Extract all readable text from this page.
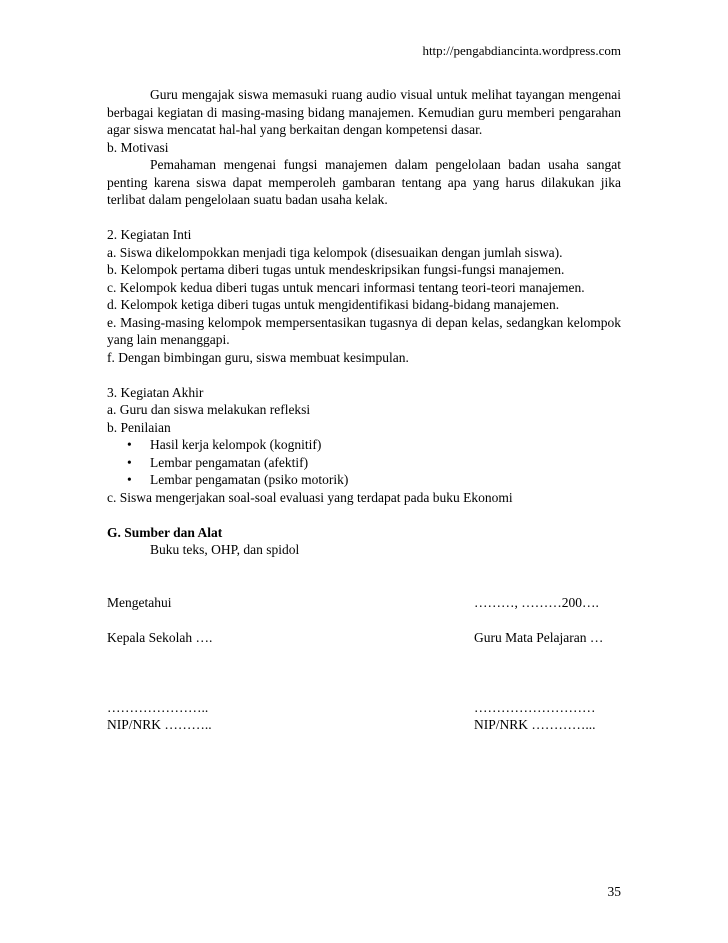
http://pengabdiancinta.wordpress.com

Guru mengajak siswa memasuki ruang audio visual untuk melihat tayangan mengenai berbagai kegiatan di masing-masing bidang manajemen. Kemudian guru memberi pengarahan agar siswa mencatat hal-hal yang berkaitan dengan kompetensi dasar.

b. Motivasi

Pemahaman mengenai fungsi manajemen dalam pengelolaan badan usaha sangat penting karena siswa dapat memperoleh gambaran tentang apa yang harus dilakukan jika terlibat dalam pengelolaan suatu badan usaha kelak.

2. Kegiatan Inti

a. Siswa dikelompokkan menjadi tiga kelompok (disesuaikan dengan jumlah siswa).

b. Kelompok pertama diberi tugas untuk mendeskripsikan fungsi-fungsi manajemen.

c. Kelompok kedua diberi tugas untuk mencari informasi tentang teori-teori manajemen.

d. Kelompok ketiga diberi tugas untuk mengidentifikasi bidang-bidang manajemen.

e. Masing-masing kelompok mempersentasikan tugasnya di depan kelas, sedangkan kelompok yang lain menanggapi.

f. Dengan bimbingan guru, siswa membuat kesimpulan.

3. Kegiatan Akhir

a. Guru dan siswa melakukan refleksi

b. Penilaian

• Hasil kerja kelompok (kognitif)
• Lembar pengamatan (afektif)
• Lembar pengamatan (psiko motorik)

c. Siswa mengerjakan soal-soal evaluasi yang terdapat pada buku Ekonomi

G. Sumber dan Alat

Buku teks, OHP, dan spidol

Mengetahui	………, ………200….
Kepala Sekolah ….	Guru Mata Pelajaran …
…………………..	………………………
NIP/NRK ………..	NIP/NRK …………...
35
